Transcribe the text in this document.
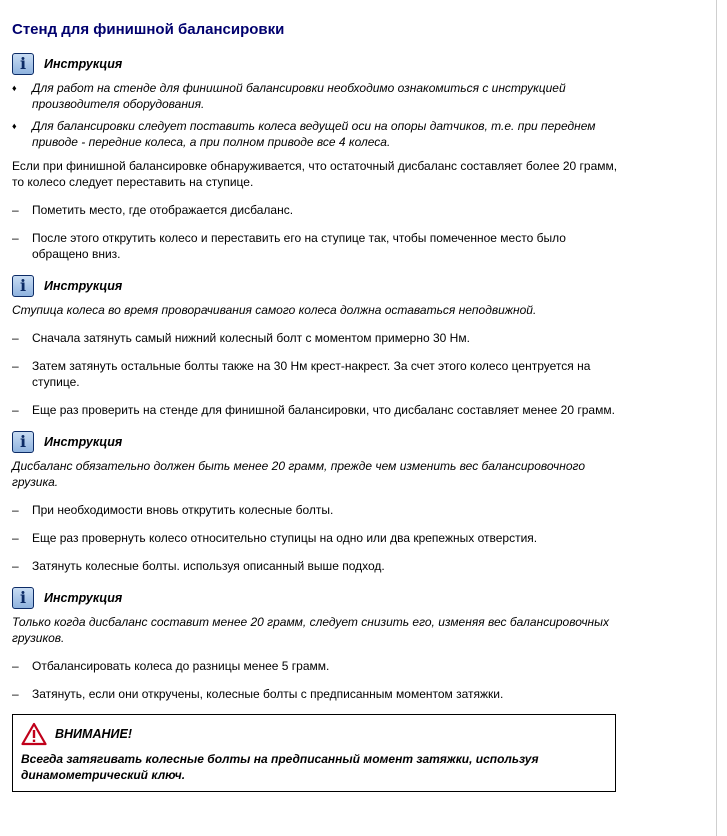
Стенд для финишной балансировки
i Инструкция
♦ Для работ на стенде для финишной балансировки необходимо ознакомиться с инструкцией производителя оборудования.
♦ Для балансировки следует поставить колеса ведущей оси на опоры датчиков, т.е. при переднем приводе - передние колеса, а при полном приводе все 4 колеса.

Если при финишной балансировке обнаруживается, что остаточный дисбаланс составляет более 20 грамм, то колесо следует переставить на ступице.

– Пометить место, где отображается дисбаланс.
– После этого открутить колесо и переставить его на ступице так, чтобы помеченное место было обращено вниз.
i Инструкция

Ступица колеса во время проворачивания самого колеса должна оставаться неподвижной.

– Сначала затянуть самый нижний колесный болт с моментом примерно 30 Нм.
– Затем затянуть остальные болты также на 30 Нм крест-накрест. За счет этого колесо центруется на ступице.
– Еще раз проверить на стенде для финишной балансировки, что дисбаланс составляет менее 20 грамм.
i Инструкция

Дисбаланс обязательно должен быть менее 20 грамм, прежде чем изменить вес балансировочного грузика.

– При необходимости вновь открутить колесные болты.
– Еще раз провернуть колесо относительно ступицы на одно или два крепежных отверстия.
– Затянуть колесные болты. используя описанный выше подход.
i Инструкция

Только когда дисбаланс составит менее 20 грамм, следует снизить его, изменяя вес балансировочных грузиков.

– Отбалансировать колеса до разницы менее 5 грамм.
– Затянуть, если они откручены, колесные болты с предписанным моментом затяжки.
ВНИМАНИЕ!
Всегда затягивать колесные болты на предписанный момент затяжки, используя динамометрический ключ.
